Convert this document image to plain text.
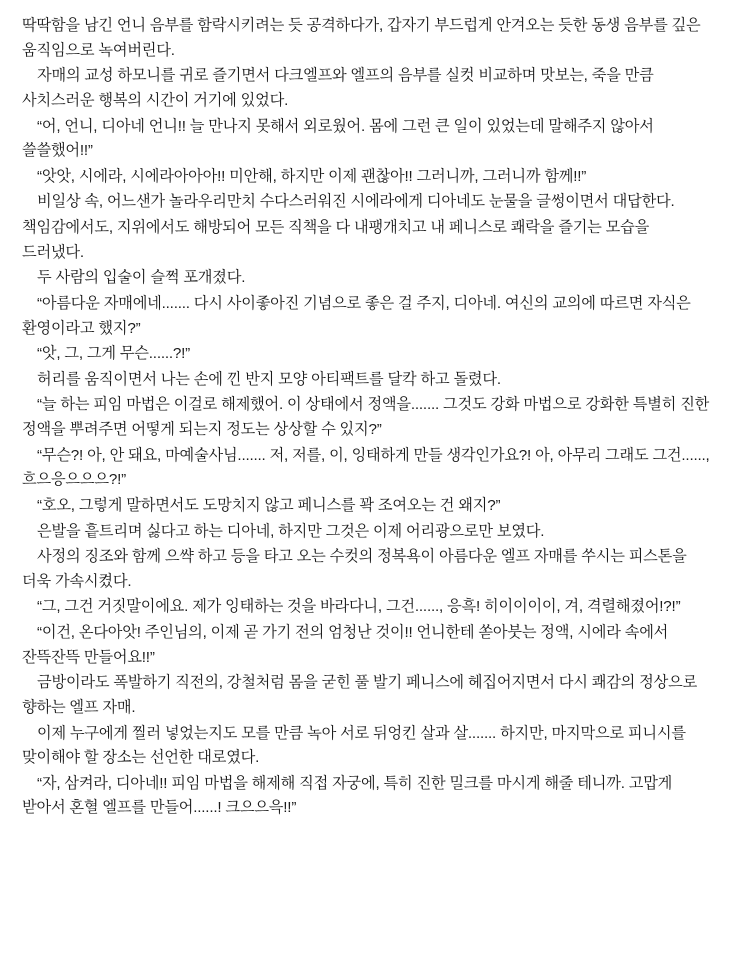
딱딱함을 남긴 언니 음부를 함락시키려는 듯 공격하다가, 갑자기 부드럽게 안겨오는 듯한 동생 음부를 깊은 움직임으로 녹여버린다.

자매의 교성 하모니를 귀로 즐기면서 다크엘프와 엘프의 음부를 실컷 비교하며 맛보는, 죽을 만큼 사치스러운 행복의 시간이 거기에 있었다.

“어, 언니, 디아네 언니!! 늘 만나지 못해서 외로웠어. 몸에 그런 큰 일이 있었는데 말해주지 않아서 쓸쓸했어!!”

“앗앗, 시에라, 시에라아아아!! 미안해, 하지만 이제 괜찮아!! 그러니까, 그러니까 함께!!”

비일상 속, 어느샌가 놀라우리만치 수다스러워진 시에라에게 디아네도 눈물을 글썽이면서 대답한다.

책임감에서도, 지위에서도 해방되어 모든 직책을 다 내팽개치고 내 페니스로 쾌락을 즐기는 모습을 드러냈다.

두 사람의 입술이 슬쩍 포개졌다.

“아름다운 자매에네....... 다시 사이좋아진 기념으로 좋은 걸 주지, 디아네. 여신의 교의에 따르면 자식은 환영이라고 했지?”

“앗, 그, 그게 무슨......?!”

허리를 움직이면서 나는 손에 낀 반지 모양 아티팩트를 달칵 하고 돌렸다.

“늘 하는 피임 마법은 이걸로 해제했어. 이 상태에서 정액을....... 그것도 강화 마법으로 강화한 특별히 진한 정액을 뿌려주면 어떻게 되는지 정도는 상상할 수 있지?”

“무슨?! 아, 안 돼요, 마예술사님....... 저, 저를, 이, 잉태하게 만들 생각인가요?! 아, 아무리 그래도 그건......, 흐으응으으으?!”

“호오, 그렇게 말하면서도 도망치지 않고 페니스를 꽉 조여오는 건 왜지?”

은발을 흩트리며 싫다고 하는 디아네, 하지만 그것은 이제 어리광으로만 보였다.

사정의 징조와 함께 으쌱 하고 등을 타고 오는 수컷의 정복욕이 아름다운 엘프 자매를 쑤시는 피스톤을 더욱 가속시켰다.

“그, 그건 거짓말이에요. 제가 잉태하는 것을 바라다니, 그건......, 응흑! 히이이이이, 겨, 격렬해졌어!?!”

“이건, 온다아앗! 주인님의, 이제 곧 가기 전의 엄청난 것이!! 언니한테 쏟아붓는 정액, 시에라 속에서 잔뜩잔뜩 만들어요!!”

금방이라도 폭발하기 직전의, 강철처럼 몸을 굳힌 풀 발기 페니스에 헤집어지면서 다시 쾌감의 정상으로 향하는 엘프 자매.

이제 누구에게 찔러 넣었는지도 모를 만큼 녹아 서로 뒤엉킨 살과 살....... 하지만, 마지막으로 피니시를 맞이해야 할 장소는 선언한 대로였다.

“자, 삼켜라, 디아네!! 피임 마법을 해제해 직접 자궁에, 특히 진한 밀크를 마시게 해줄 테니까. 고맙게 받아서 혼혈 엘프를 만들어......! 크으으윽!!”
